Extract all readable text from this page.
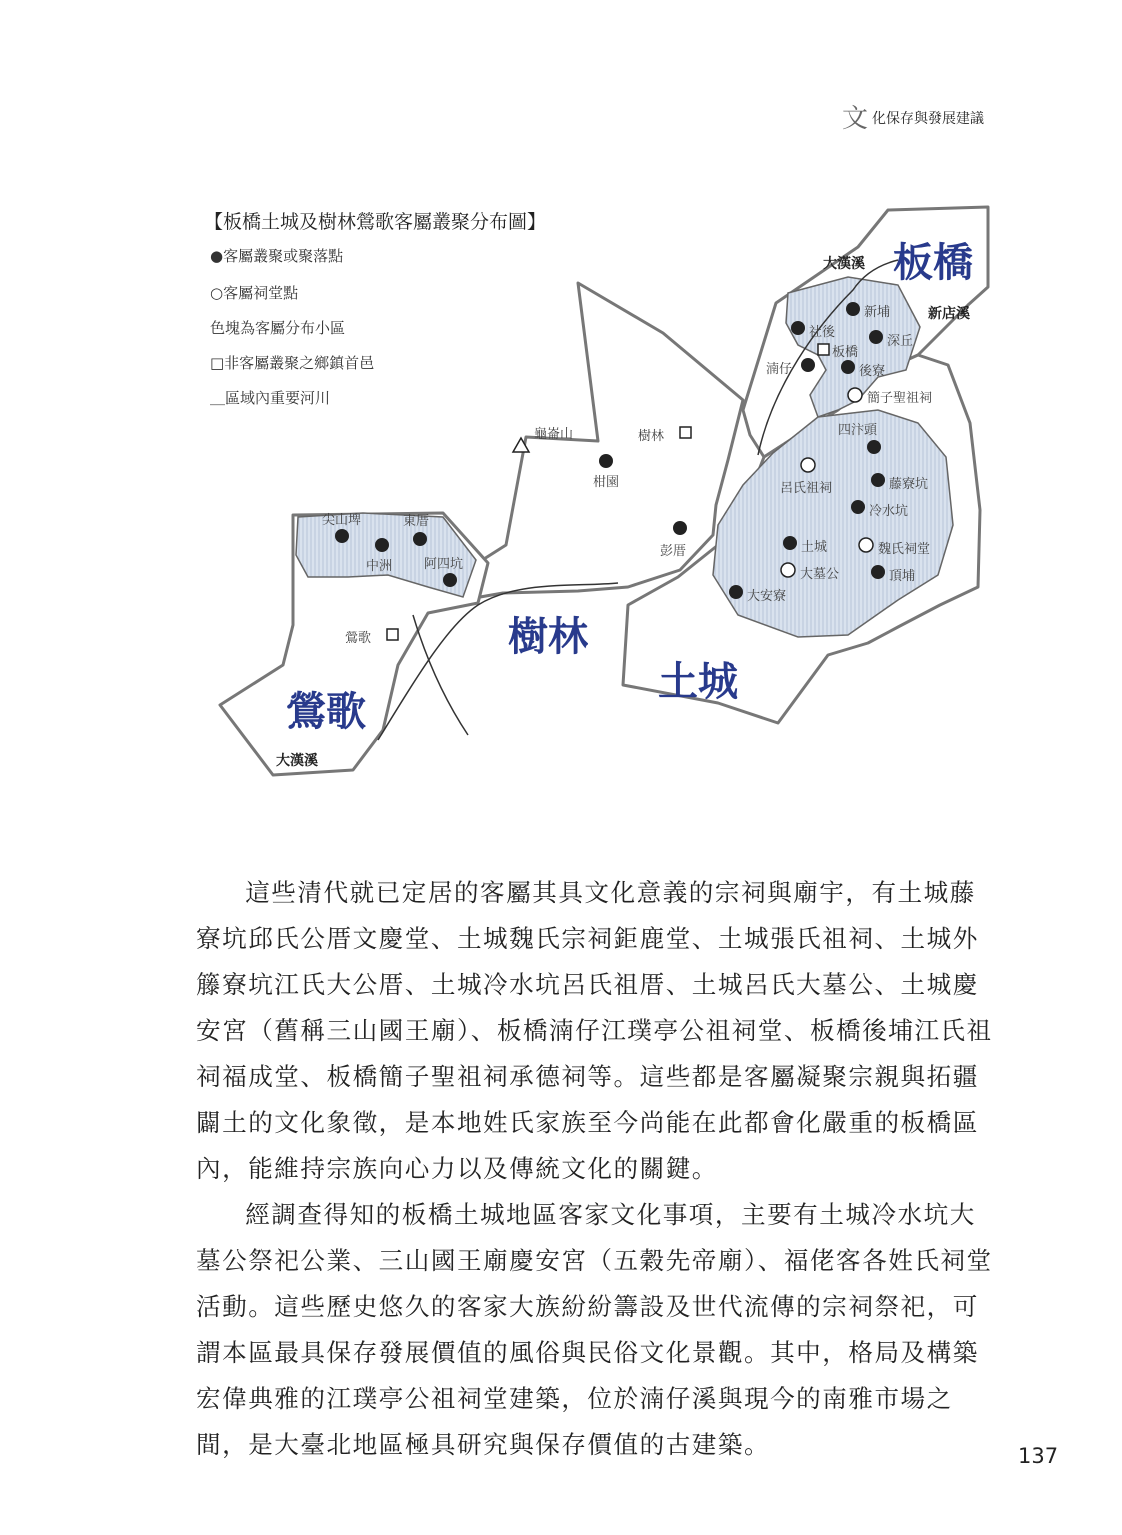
文 化保存與發展建議
【板橋土城及樹林鶯歌客屬叢聚分布圖】
●客屬叢聚或聚落點
○客屬祠堂點
色塊為客屬分布小區
□非客屬叢聚之鄉鎮首邑
＿區域內重要河川
板橋
樹林
土城
鶯歌
大漢溪
新店溪
大漢溪
新埔
社後
深丘
板橋
後寮
湳仔
簡子聖祖祠
四汴頭
呂氏祖祠	藤寮坑
冷水坑
土城	魏氏祠堂
大墓公	頂埔
大安寮
樹林
龜崙山
柑園
彭厝
鶯歌
尖山埤	東厝
中洲 阿四坑

這些清代就已定居的客屬其具文化意義的宗祠與廟宇，有土城藤寮坑邱氏公厝文慶堂、土城魏氏宗祠鉅鹿堂、土城張氏祖祠、土城外籐寮坑江氏大公厝、土城冷水坑呂氏祖厝、土城呂氏大墓公、土城慶安宮（舊稱三山國王廟）、板橋湳仔江璞亭公祖祠堂、板橋後埔江氏祖祠福成堂、板橋簡子聖祖祠承德祠等。這些都是客屬凝聚宗親與拓疆闢土的文化象徵，是本地姓氏家族至今尚能在此都會化嚴重的板橋區內，能維持宗族向心力以及傳統文化的關鍵。

經調查得知的板橋土城地區客家文化事項，主要有土城冷水坑大墓公祭祀公業、三山國王廟慶安宮（五穀先帝廟）、福佬客各姓氏祠堂活動。這些歷史悠久的客家大族紛紛籌設及世代流傳的宗祠祭祀，可謂本區最具保存發展價值的風俗與民俗文化景觀。其中，格局及構築宏偉典雅的江璞亭公祖祠堂建築，位於湳仔溪與現今的南雅市場之間，是大臺北地區極具研究與保存價值的古建築。	137
